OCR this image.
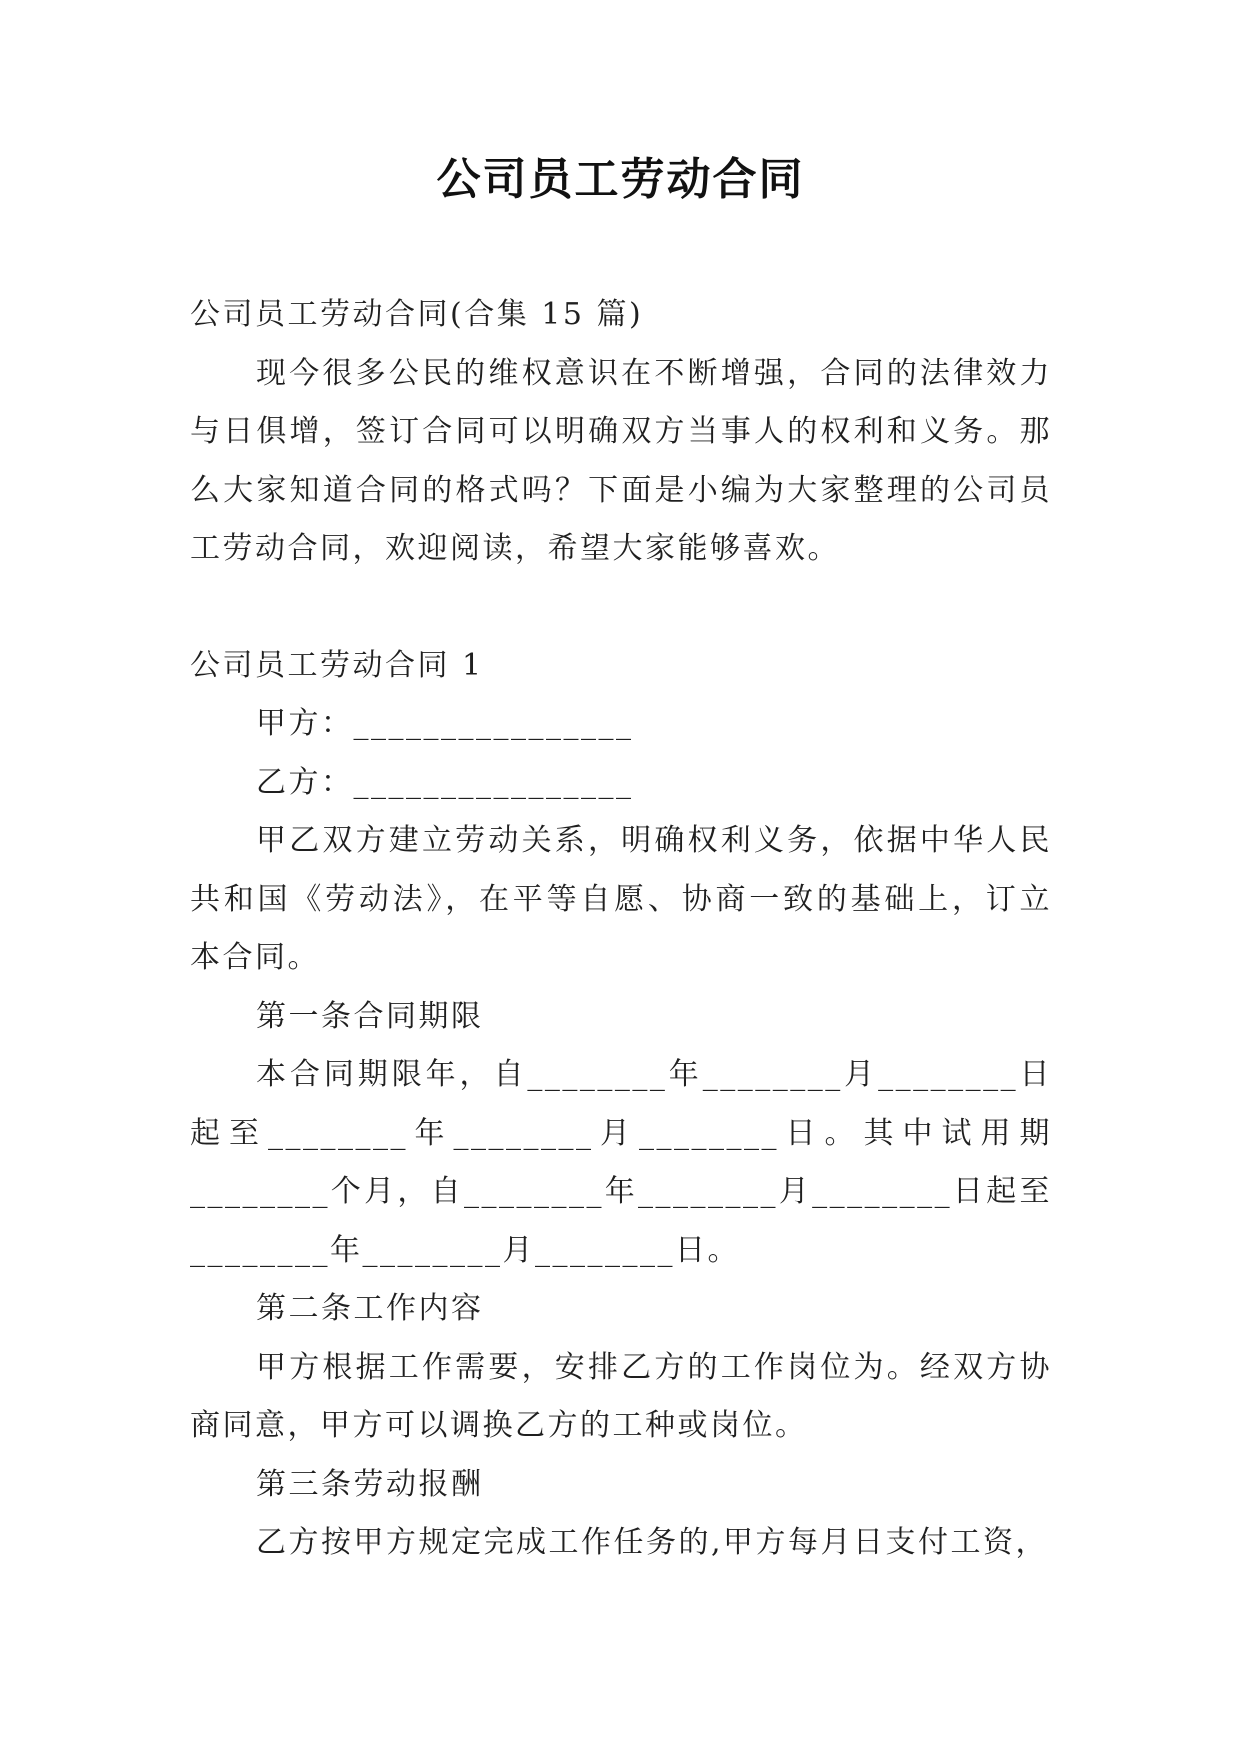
公司员工劳动合同

公司员工劳动合同(合集 15 篇)

现今很多公民的维权意识在不断增强，合同的法律效力与日俱增，签订合同可以明确双方当事人的权利和义务。那么大家知道合同的格式吗？下面是小编为大家整理的公司员工劳动合同，欢迎阅读，希望大家能够喜欢。

公司员工劳动合同 1

甲方：________________

乙方：________________

甲乙双方建立劳动关系，明确权利义务，依据中华人民共和国《劳动法》，在平等自愿、协商一致的基础上，订立本合同。

第一条合同期限

本合同期限年，自________年________月________日起至________年________月________日。其中试用期________个月，自________年________月________日起至________年________月________日。

第二条工作内容

甲方根据工作需要，安排乙方的工作岗位为。经双方协商同意，甲方可以调换乙方的工种或岗位。

第三条劳动报酬

乙方按甲方规定完成工作任务的,甲方每月日支付工资，
